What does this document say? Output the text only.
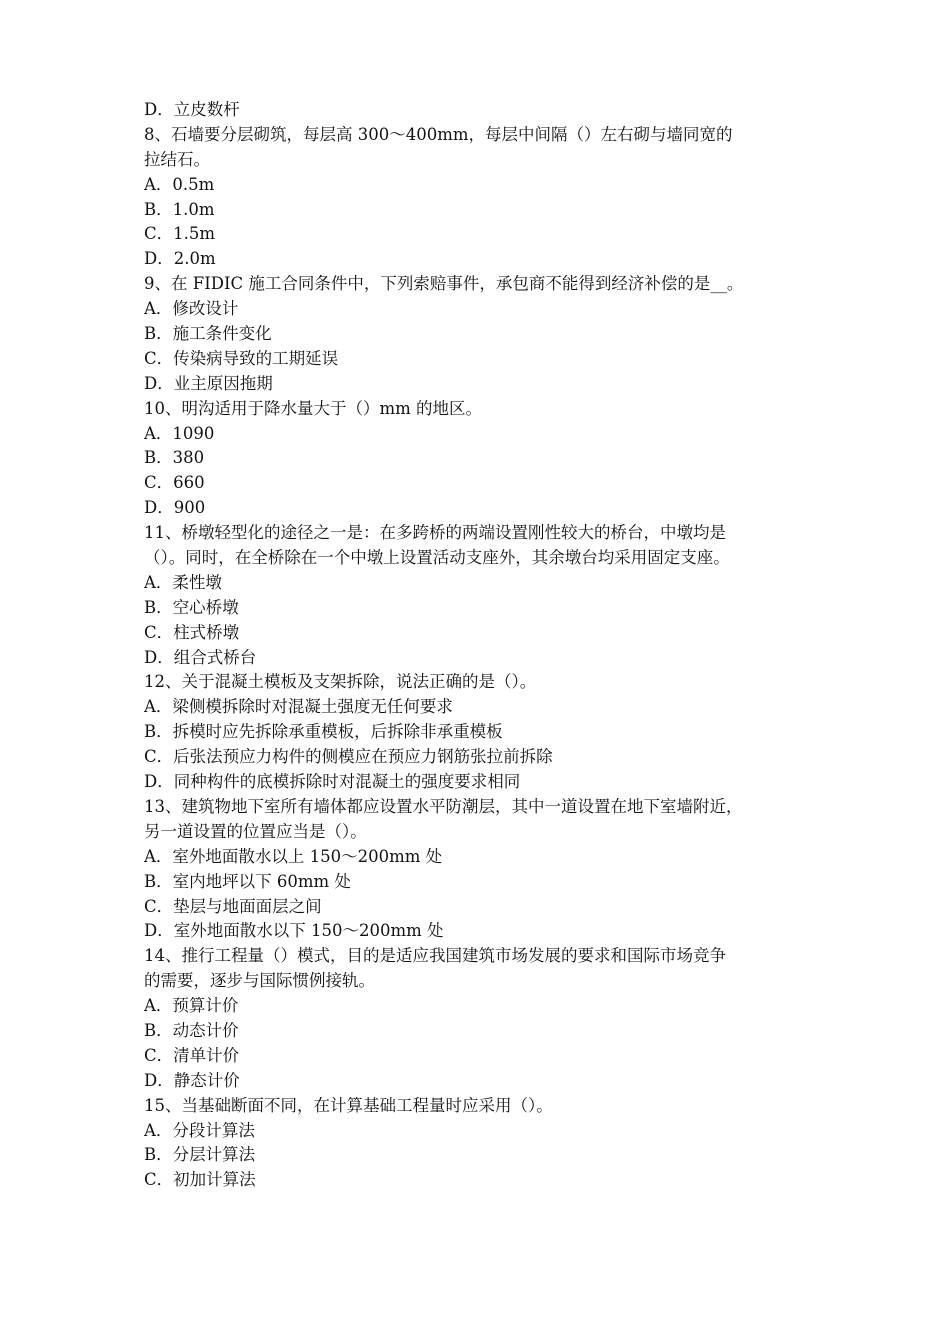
D．立皮数杆
8、石墙要分层砌筑，每层高 300～400mm，每层中间隔（）左右砌与墙同宽的
拉结石。
A．0.5m
B．1.0m
C．1.5m
D．2.0m
9、在 FIDIC 施工合同条件中，下列索赔事件，承包商不能得到经济补偿的是__。
A．修改设计
B．施工条件变化
C．传染病导致的工期延误
D．业主原因拖期
10、明沟适用于降水量大于（）mm 的地区。
A．1090
B．380
C．660
D．900
11、桥墩轻型化的途径之一是：在多跨桥的两端设置刚性较大的桥台，中墩均是
（）。同时，在全桥除在一个中墩上设置活动支座外，其余墩台均采用固定支座。
A．柔性墩
B．空心桥墩
C．柱式桥墩
D．组合式桥台
12、关于混凝土模板及支架拆除，说法正确的是（）。
A．梁侧模拆除时对混凝土强度无任何要求
B．拆模时应先拆除承重模板，后拆除非承重模板
C．后张法预应力构件的侧模应在预应力钢筋张拉前拆除
D．同种构件的底模拆除时对混凝土的强度要求相同
13、建筑物地下室所有墙体都应设置水平防潮层，其中一道设置在地下室墙附近，
另一道设置的位置应当是（）。
A．室外地面散水以上 150～200mm 处
B．室内地坪以下 60mm 处
C．垫层与地面面层之间
D．室外地面散水以下 150～200mm 处
14、推行工程量（）模式，目的是适应我国建筑市场发展的要求和国际市场竞争
的需要，逐步与国际惯例接轨。
A．预算计价
B．动态计价
C．清单计价
D．静态计价
15、当基础断面不同，在计算基础工程量时应采用（）。
A．分段计算法
B．分层计算法
C．初加计算法
